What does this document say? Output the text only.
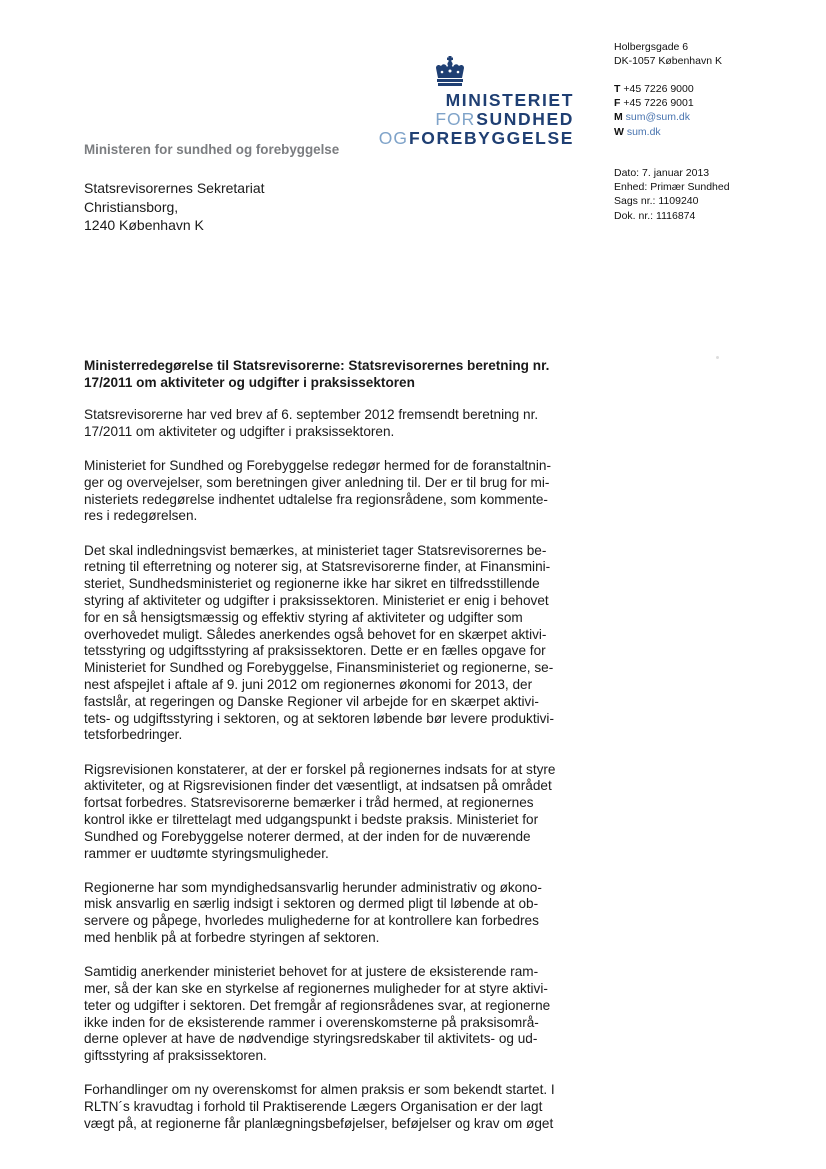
MINISTERIET
FORSUNDHED
OGFOREBYGGELSE
Holbergsgade 6
DK-1057 København K
T +45 7226 9000
F +45 7226 9001
M sum@sum.dk
W sum.dk
Dato: 7. januar 2013
Enhed: Primær Sundhed
Sags nr.: 1109240
Dok. nr.: 1116874
Ministeren for sundhed og forebyggelse
Statsrevisorernes Sekretariat
Christiansborg,
1240 København K
Ministerredegørelse til Statsrevisorerne: Statsrevisorernes beretning nr.
17/2011 om aktiviteter og udgifter i praksissektoren

Statsrevisorerne har ved brev af 6. september 2012 fremsendt beretning nr.
17/2011 om aktiviteter og udgifter i praksissektoren.

Ministeriet for Sundhed og Forebyggelse redegør hermed for de foranstaltnin-
ger og overvejelser, som beretningen giver anledning til. Der er til brug for mi-
nisteriets redegørelse indhentet udtalelse fra regionsrådene, som kommente-
res i redegørelsen.

Det skal indledningsvist bemærkes, at ministeriet tager Statsrevisorernes be-
retning til efterretning og noterer sig, at Statsrevisorerne finder, at Finansmini-
steriet, Sundhedsministeriet og regionerne ikke har sikret en tilfredsstillende
styring af aktiviteter og udgifter i praksissektoren. Ministeriet er enig i behovet
for en så hensigtsmæssig og effektiv styring af aktiviteter og udgifter som
overhovedet muligt. Således anerkendes også behovet for en skærpet aktivi-
tetsstyring og udgiftsstyring af praksissektoren. Dette er en fælles opgave for
Ministeriet for Sundhed og Forebyggelse, Finansministeriet og regionerne, se-
nest afspejlet i aftale af 9. juni 2012 om regionernes økonomi for 2013, der
fastslår, at regeringen og Danske Regioner vil arbejde for en skærpet aktivi-
tets- og udgiftsstyring i sektoren, og at sektoren løbende bør levere produktivi-
tetsforbedringer.

Rigsrevisionen konstaterer, at der er forskel på regionernes indsats for at styre
aktiviteter, og at Rigsrevisionen finder det væsentligt, at indsatsen på området
fortsat forbedres. Statsrevisorerne bemærker i tråd hermed, at regionernes
kontrol ikke er tilrettelagt med udgangspunkt i bedste praksis. Ministeriet for
Sundhed og Forebyggelse noterer dermed, at der inden for de nuværende
rammer er uudtømte styringsmuligheder.

Regionerne har som myndighedsansvarlig herunder administrativ og økono-
misk ansvarlig en særlig indsigt i sektoren og dermed pligt til løbende at ob-
servere og påpege, hvorledes mulighederne for at kontrollere kan forbedres
med henblik på at forbedre styringen af sektoren.

Samtidig anerkender ministeriet behovet for at justere de eksisterende ram-
mer, så der kan ske en styrkelse af regionernes muligheder for at styre aktivi-
teter og udgifter i sektoren. Det fremgår af regionsrådenes svar, at regionerne
ikke inden for de eksisterende rammer i overenskomsterne på praksisområ-
derne oplever at have de nødvendige styringsredskaber til aktivitets- og ud-
giftsstyring af praksissektoren.

Forhandlinger om ny overenskomst for almen praksis er som bekendt startet. I
RLTN´s kravudtag i forhold til Praktiserende Lægers Organisation er der lagt
vægt på, at regionerne får planlægningsbeføjelser, beføjelser og krav om øget
